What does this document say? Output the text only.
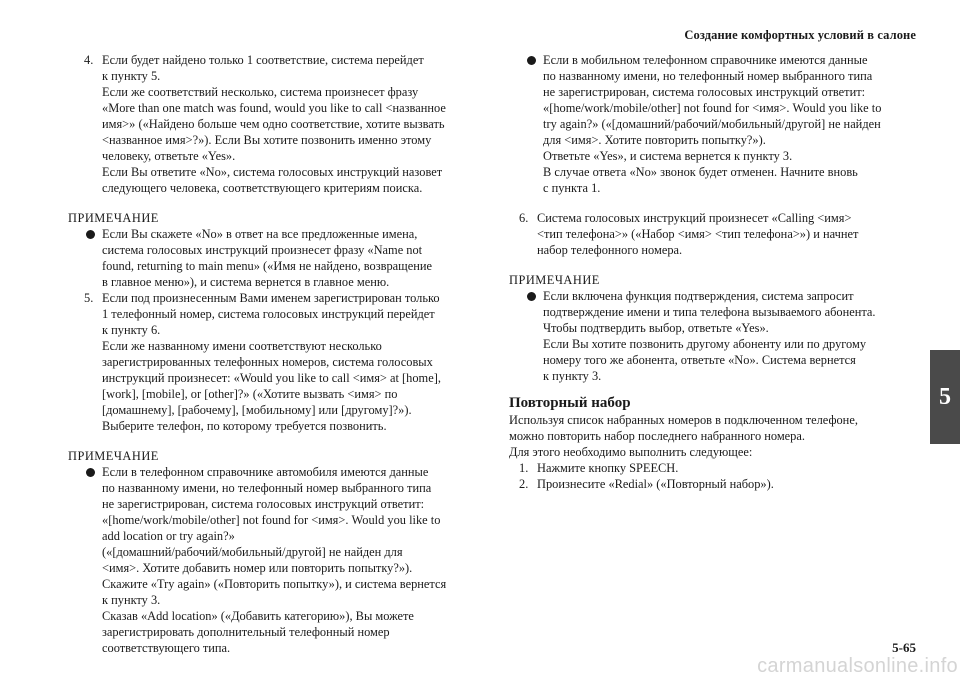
Создание комфортных условий в салоне
4. Если будет найдено только 1 соответствие, система перейдет
к пункту 5.
Если же соответствий несколько, система произнесет фразу
«More than one match was found, would you like to call <названное
имя>» («Найдено больше чем одно соответствие, хотите вызвать
<названное имя>?»). Если Вы хотите позвонить именно этому
человеку, ответьте «Yes».
Если Вы ответите «No», система голосовых инструкций назовет
следующего человека, соответствующего критериям поиска.
ПРИМЕЧАНИЕ
Если Вы скажете «No» в ответ на все предложенные имена,
система голосовых инструкций произнесет фразу «Name not
found, returning to main menu» («Имя не найдено, возвращение
в главное меню»), и система вернется в главное меню.
5. Если под произнесенным Вами именем зарегистрирован только
1 телефонный номер, система голосовых инструкций перейдет
к пункту 6.
Если же названному имени соответствуют несколько
зарегистрированных телефонных номеров, система голосовых
инструкций произнесет: «Would you like to call <имя> at [home],
[work], [mobile], or [other]?» («Хотите вызвать <имя> по
[домашнему], [рабочему], [мобильному] или [другому]?»).
Выберите телефон, по которому требуется позвонить.
ПРИМЕЧАНИЕ
Если в телефонном справочнике автомобиля имеются данные
по названному имени, но телефонный номер выбранного типа
не зарегистрирован, система голосовых инструкций ответит:
«[home/work/mobile/other] not found for <имя>. Would you like to
add location or try again?»
(«[домашний/рабочий/мобильный/другой] не найден для
<имя>. Хотите добавить номер или повторить попытку?»).
Скажите «Try again» («Повторить попытку»), и система вернется
к пункту 3.
Сказав «Add location» («Добавить категорию»), Вы можете
зарегистрировать дополнительный телефонный номер
соответствующего типа.
Если в мобильном телефонном справочнике имеются данные
по названному имени, но телефонный номер выбранного типа
не зарегистрирован, система голосовых инструкций ответит:
«[home/work/mobile/other] not found for <имя>. Would you like to
try again?» («[домашний/рабочий/мобильный/другой] не найден
для <имя>. Хотите повторить попытку?»).
Ответьте «Yes», и система вернется к пункту 3.
В случае ответа «No» звонок будет отменен. Начните вновь
с пункта 1.
6. Система голосовых инструкций произнесет «Calling <имя>
<тип телефона>» («Набор <имя> <тип телефона>») и начнет
набор телефонного номера.
ПРИМЕЧАНИЕ
Если включена функция подтверждения, система запросит
подтверждение имени и типа телефона вызываемого абонента.
Чтобы подтвердить выбор, ответьте «Yes».
Если Вы хотите позвонить другому абоненту или по другому
номеру того же абонента, ответьте «No». Система вернется
к пункту 3.
Повторный набор
Используя список набранных номеров в подключенном телефоне,
можно повторить набор последнего набранного номера.
Для этого необходимо выполнить следующее:
1. Нажмите кнопку SPEECH.
2. Произнесите «Redial» («Повторный набор»).
5
5-65
carmanualsonline.info
